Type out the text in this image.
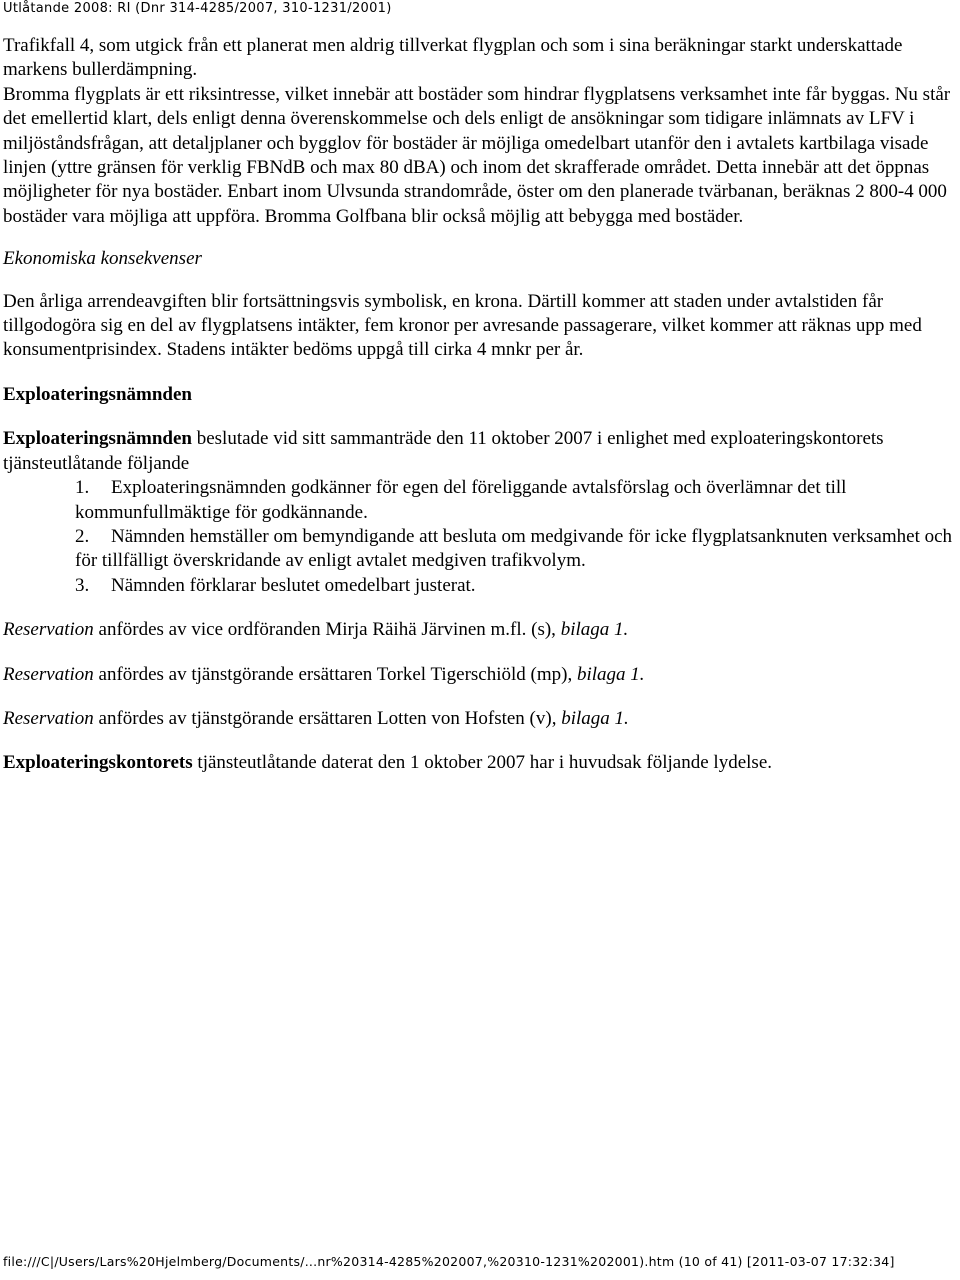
Utlåtande 2008: RI (Dnr 314-4285/2007, 310-1231/2001)

Trafikfall 4, som utgick från ett planerat men aldrig tillverkat flygplan och som i sina beräkningar starkt underskattade markens bullerdämpning.

Bromma flygplats är ett riksintresse, vilket innebär att bostäder som hindrar flygplatsens verksamhet inte får byggas. Nu står det emellertid klart, dels enligt denna överenskommelse och dels enligt de ansökningar som tidigare inlämnats av LFV i miljöståndsfrågan, att detaljplaner och bygglov för bostäder är möjliga omedelbart utanför den i avtalets kartbilaga visade linjen (yttre gränsen för verklig FBNdB och max 80 dBA) och inom det skrafferade området. Detta innebär att det öppnas möjligheter för nya bostäder. Enbart inom Ulvsunda strandområde, öster om den planerade tvärbanan, beräknas 2 800-4 000 bostäder vara möjliga att uppföra. Bromma Golfbana blir också möjlig att bebygga med bostäder.

Ekonomiska konsekvenser

Den årliga arrendeavgiften blir fortsättningsvis symbolisk, en krona. Därtill kommer att staden under avtalstiden får tillgodogöra sig en del av flygplatsens intäkter, fem kronor per avresande passagerare, vilket kommer att räknas upp med konsumentprisindex. Stadens intäkter bedöms uppgå till cirka 4 mnkr per år.

Exploateringsnämnden

Exploateringsnämnden beslutade vid sitt sammanträde den 11 oktober 2007 i enlighet med exploateringskontorets tjänsteutlåtande följande

1. Exploateringsnämnden godkänner för egen del föreliggande avtalsförslag och överlämnar det till kommunfullmäktige för godkännande.
2. Nämnden hemställer om bemyndigande att besluta om medgivande för icke flygplatsanknuten verksamhet och för tillfälligt överskridande av enligt avtalet medgiven trafikvolym.
3. Nämnden förklarar beslutet omedelbart justerat.

Reservation anfördes av vice ordföranden Mirja Räihä Järvinen m.fl. (s), bilaga 1.

Reservation anfördes av tjänstgörande ersättaren Torkel Tigerschiöld (mp), bilaga 1.

Reservation anfördes av tjänstgörande ersättaren Lotten von Hofsten (v), bilaga 1.

Exploateringskontorets tjänsteutlåtande daterat den 1 oktober 2007 har i huvudsak följande lydelse.

file:///C|/Users/Lars%20Hjelmberg/Documents/...nr%20314-4285%202007,%20310-1231%202001).htm (10 of 41) [2011-03-07 17:32:34]
